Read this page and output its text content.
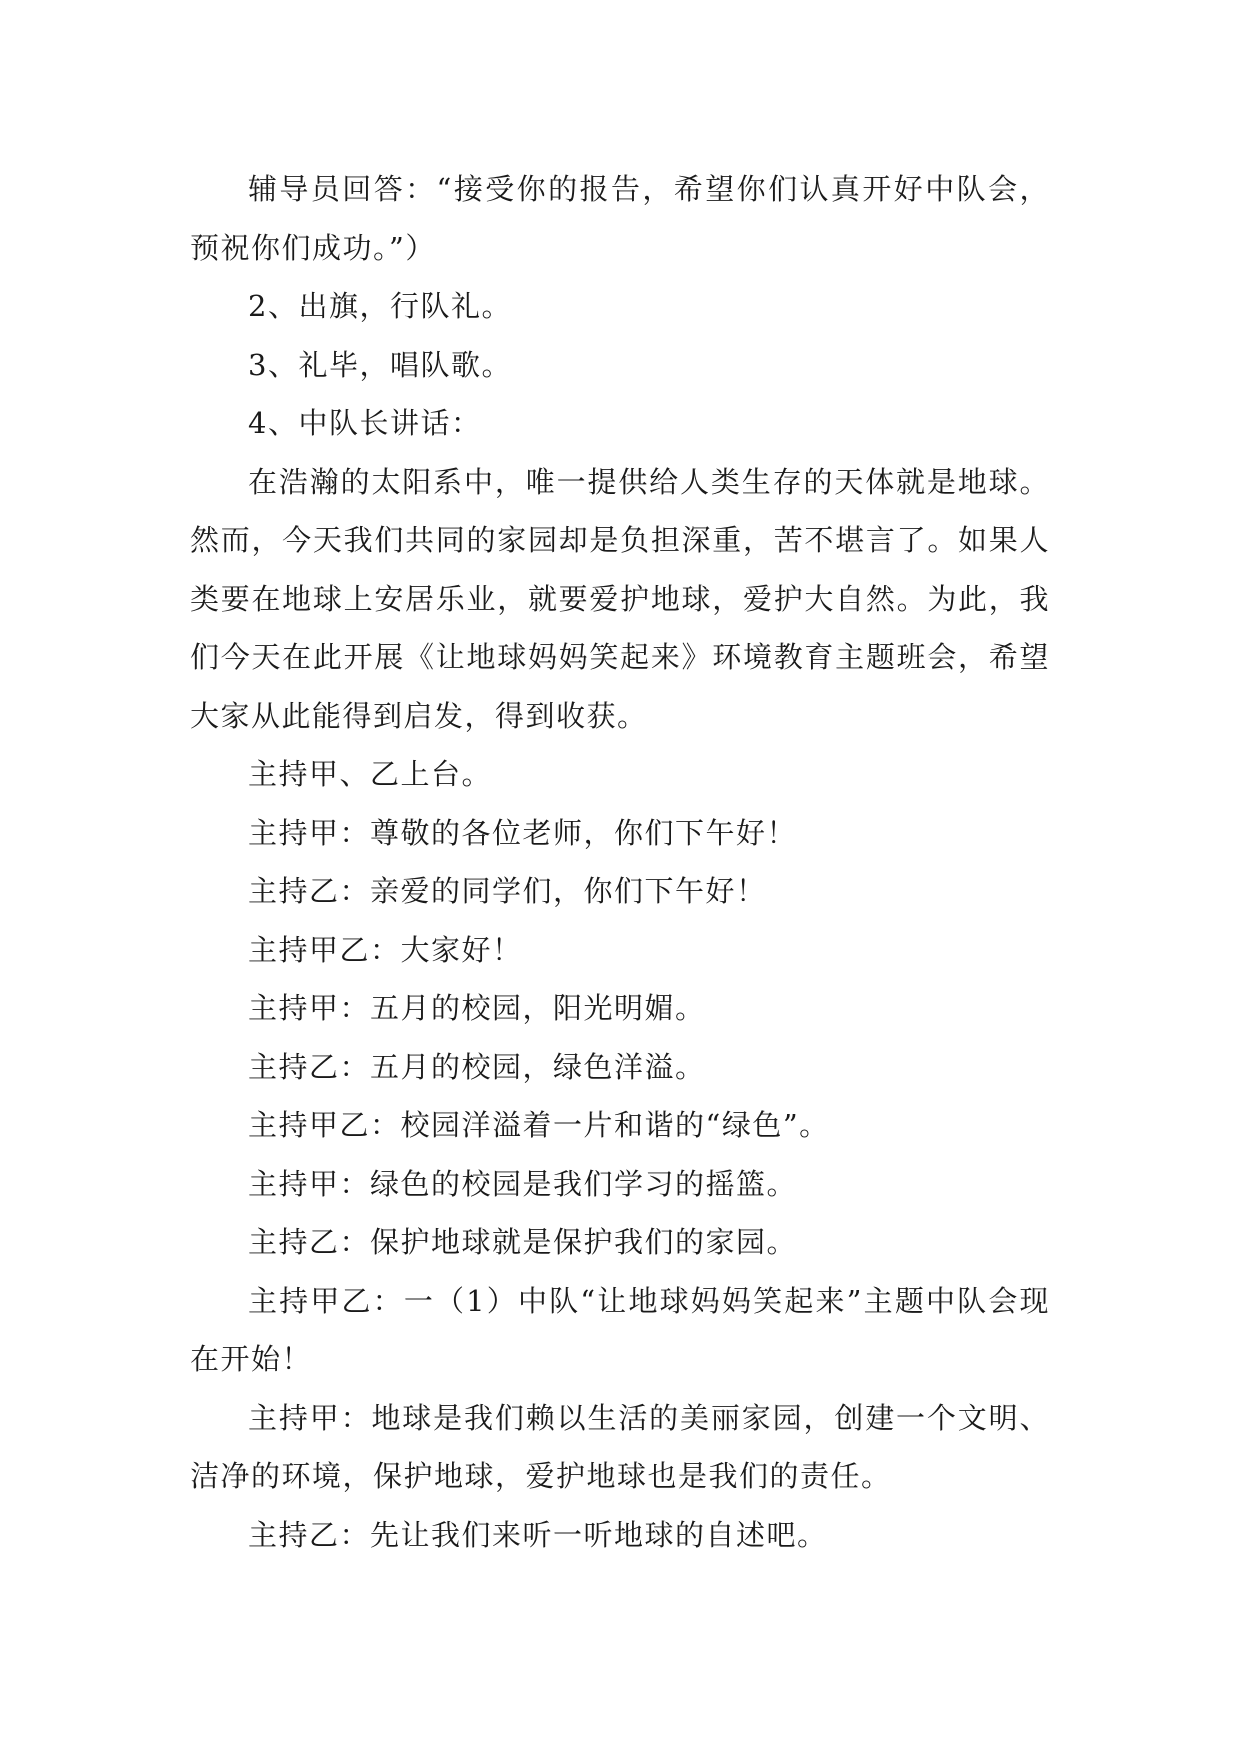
辅导员回答：“接受你的报告，希望你们认真开好中队会，预祝你们成功。”）

2、出旗，行队礼。

3、礼毕，唱队歌。

4、中队长讲话：

在浩瀚的太阳系中，唯一提供给人类生存的天体就是地球。然而，今天我们共同的家园却是负担深重，苦不堪言了。如果人类要在地球上安居乐业，就要爱护地球，爱护大自然。为此，我们今天在此开展《让地球妈妈笑起来》环境教育主题班会，希望大家从此能得到启发，得到收获。

主持甲、乙上台。

主持甲：尊敬的各位老师，你们下午好！

主持乙：亲爱的同学们，你们下午好！

主持甲乙：大家好！

主持甲：五月的校园，阳光明媚。

主持乙：五月的校园，绿色洋溢。

主持甲乙：校园洋溢着一片和谐的“绿色”。

主持甲：绿色的校园是我们学习的摇篮。

主持乙：保护地球就是保护我们的家园。

主持甲乙：一（1）中队“让地球妈妈笑起来”主题中队会现在开始！

主持甲：地球是我们赖以生活的美丽家园，创建一个文明、洁净的环境，保护地球，爱护地球也是我们的责任。

主持乙：先让我们来听一听地球的自述吧。
